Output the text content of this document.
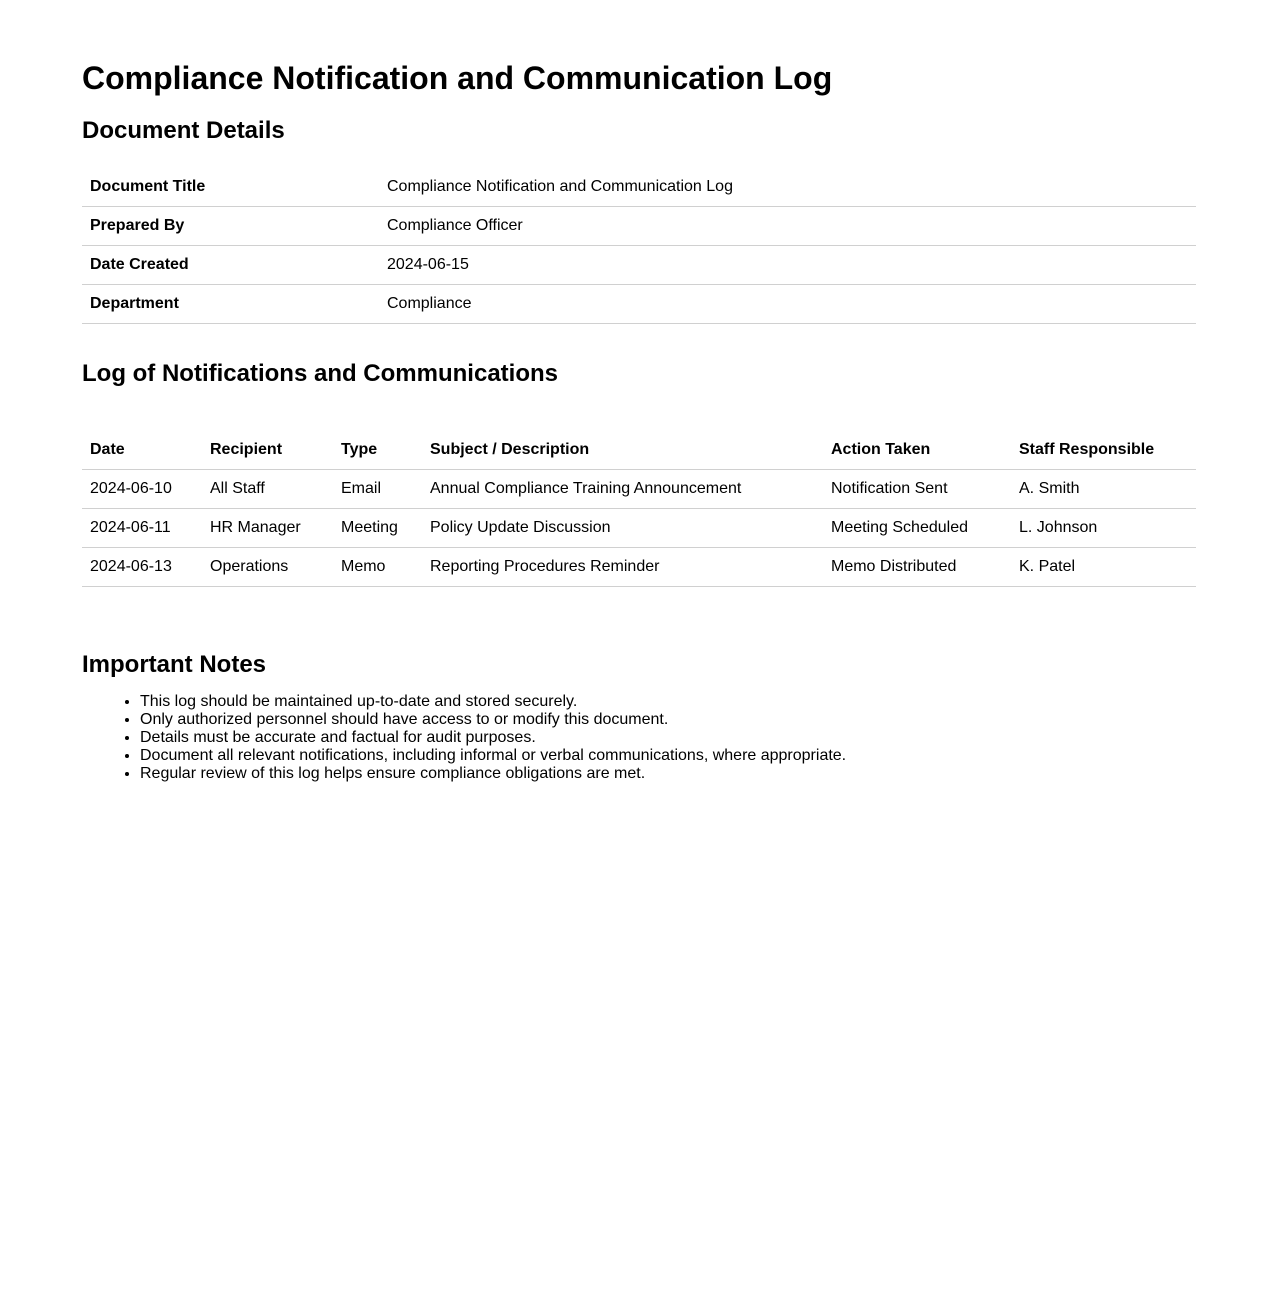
Compliance Notification and Communication Log
Document Details
Document Title	Compliance Notification and Communication Log
Prepared By	Compliance Officer
Date Created	2024-06-15
Department	Compliance
Log of Notifications and Communications
Date	Recipient	Type	Subject / Description	Action Taken	Staff Responsible
2024-06-10	All Staff	Email	Annual Compliance Training Announcement	Notification Sent	A. Smith
2024-06-11	HR Manager	Meeting	Policy Update Discussion	Meeting Scheduled	L. Johnson
2024-06-13	Operations	Memo	Reporting Procedures Reminder	Memo Distributed	K. Patel
Important Notes
• This log should be maintained up-to-date and stored securely.
• Only authorized personnel should have access to or modify this document.
• Details must be accurate and factual for audit purposes.
• Document all relevant notifications, including informal or verbal communications, where appropriate.
• Regular review of this log helps ensure compliance obligations are met.
